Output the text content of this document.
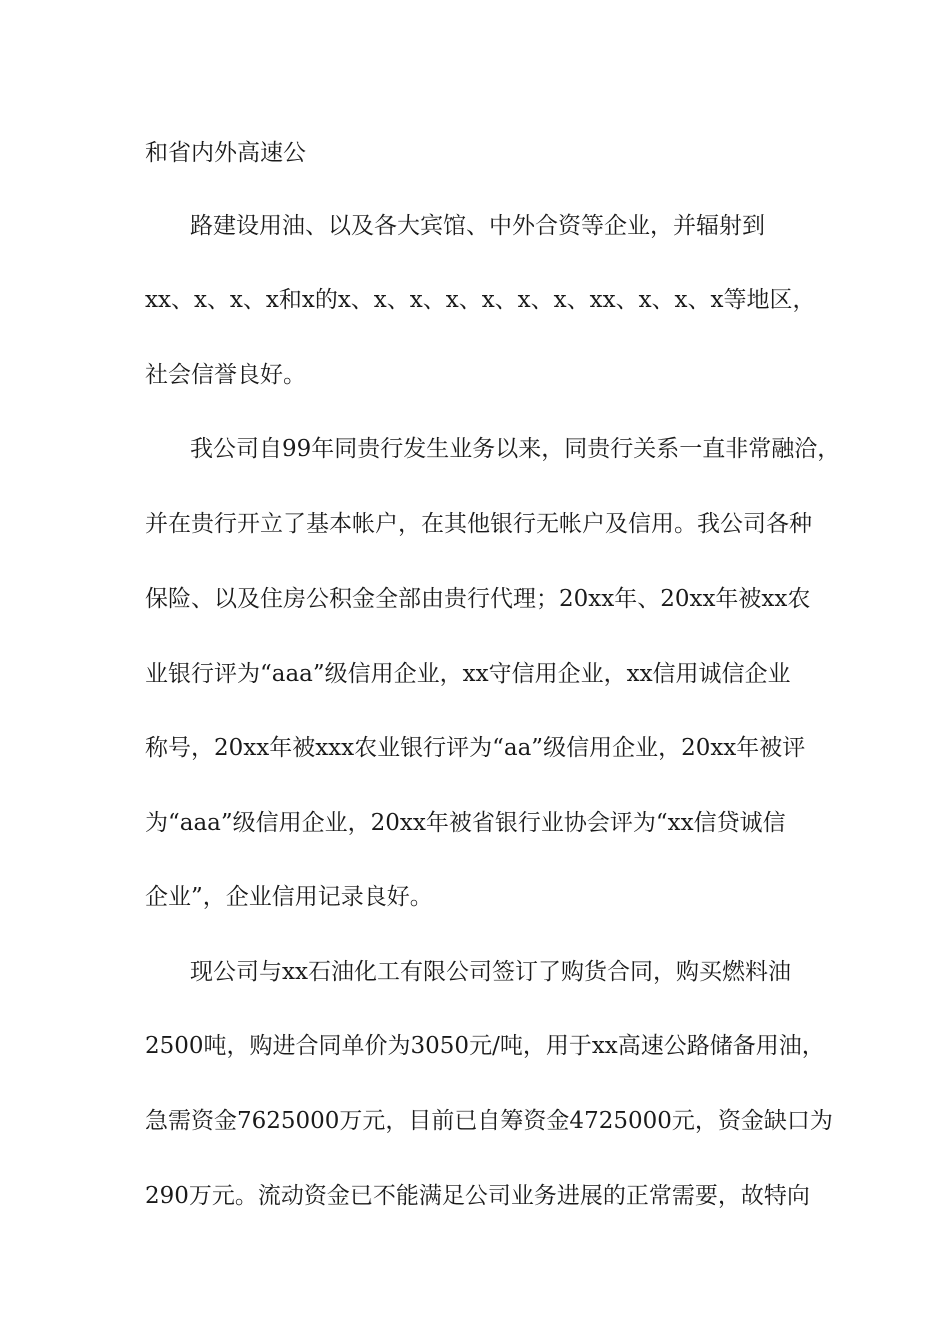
和省内外高速公
路建设用油、以及各大宾馆、中外合资等企业，并辐射到
xx、x、x、x和x的x、x、x、x、x、x、x、xx、x、x、x等地区，
社会信誉良好。
我公司自99年同贵行发生业务以来，同贵行关系一直非常融洽，
并在贵行开立了基本帐户，在其他银行无帐户及信用。我公司各种
保险、以及住房公积金全部由贵行代理；20xx年、20xx年被xx农
业银行评为“aaa”级信用企业，xx守信用企业，xx信用诚信企业
称号，20xx年被xxx农业银行评为“aa”级信用企业，20xx年被评
为“aaa”级信用企业，20xx年被省银行业协会评为“xx信贷诚信
企业”，企业信用记录良好。
现公司与xx石油化工有限公司签订了购货合同，购买燃料油
2500吨，购进合同单价为3050元/吨，用于xx高速公路储备用油，
急需资金7625000万元，目前已自筹资金4725000元，资金缺口为
290万元。流动资金已不能满足公司业务进展的正常需要，故特向
